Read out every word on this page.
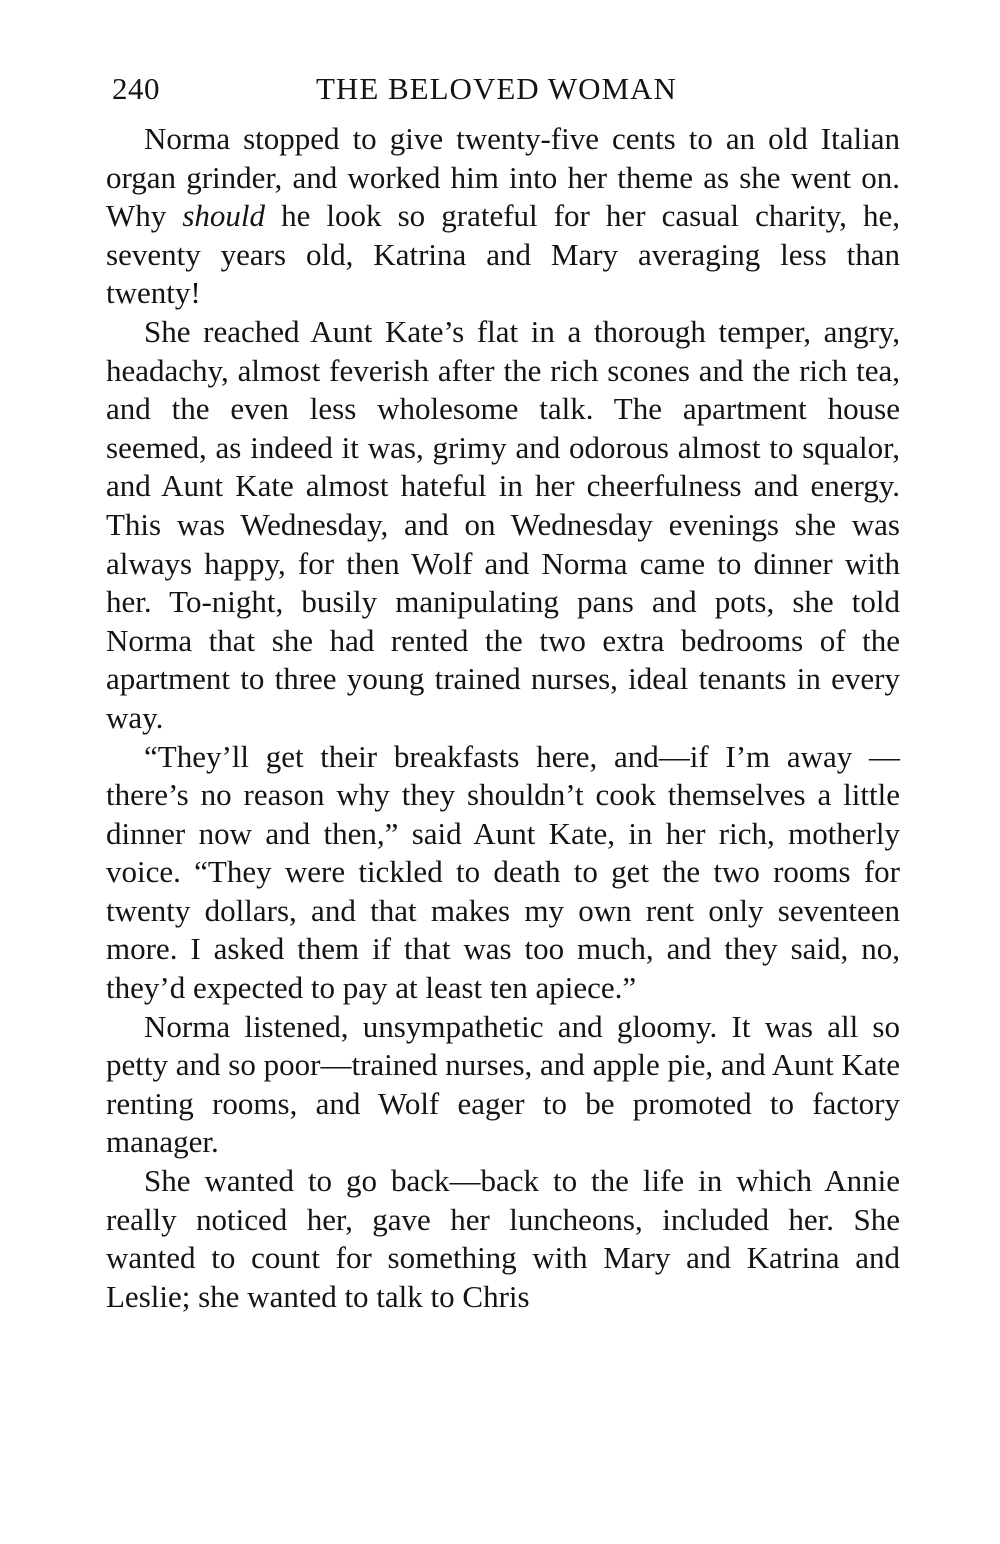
240	THE BELOVED WOMAN

Norma stopped to give twenty-five cents to an old Italian organ grinder, and worked him into her theme as she went on. Why should he look so grateful for her casual charity, he, seventy years old, Katrina and Mary averaging less than twenty!

She reached Aunt Kate’s flat in a thorough temper, angry, headachy, almost feverish after the rich scones and the rich tea, and the even less wholesome talk. The apartment house seemed, as indeed it was, grimy and odorous almost to squalor, and Aunt Kate almost hateful in her cheerfulness and energy. This was Wednesday, and on Wednesday evenings she was always happy, for then Wolf and Norma came to dinner with her. To-night, busily manipulating pans and pots, she told Norma that she had rented the two extra bedrooms of the apartment to three young trained nurses, ideal tenants in every way.

“They’ll get their breakfasts here, and—if I’m away —there’s no reason why they shouldn’t cook themselves a little dinner now and then,” said Aunt Kate, in her rich, motherly voice. “They were tickled to death to get the two rooms for twenty dollars, and that makes my own rent only seventeen more. I asked them if that was too much, and they said, no, they’d expected to pay at least ten apiece.”

Norma listened, unsympathetic and gloomy. It was all so petty and so poor—trained nurses, and apple pie, and Aunt Kate renting rooms, and Wolf eager to be promoted to factory manager.

She wanted to go back—back to the life in which Annie really noticed her, gave her luncheons, included her. She wanted to count for something with Mary and Katrina and Leslie; she wanted to talk to Chris
